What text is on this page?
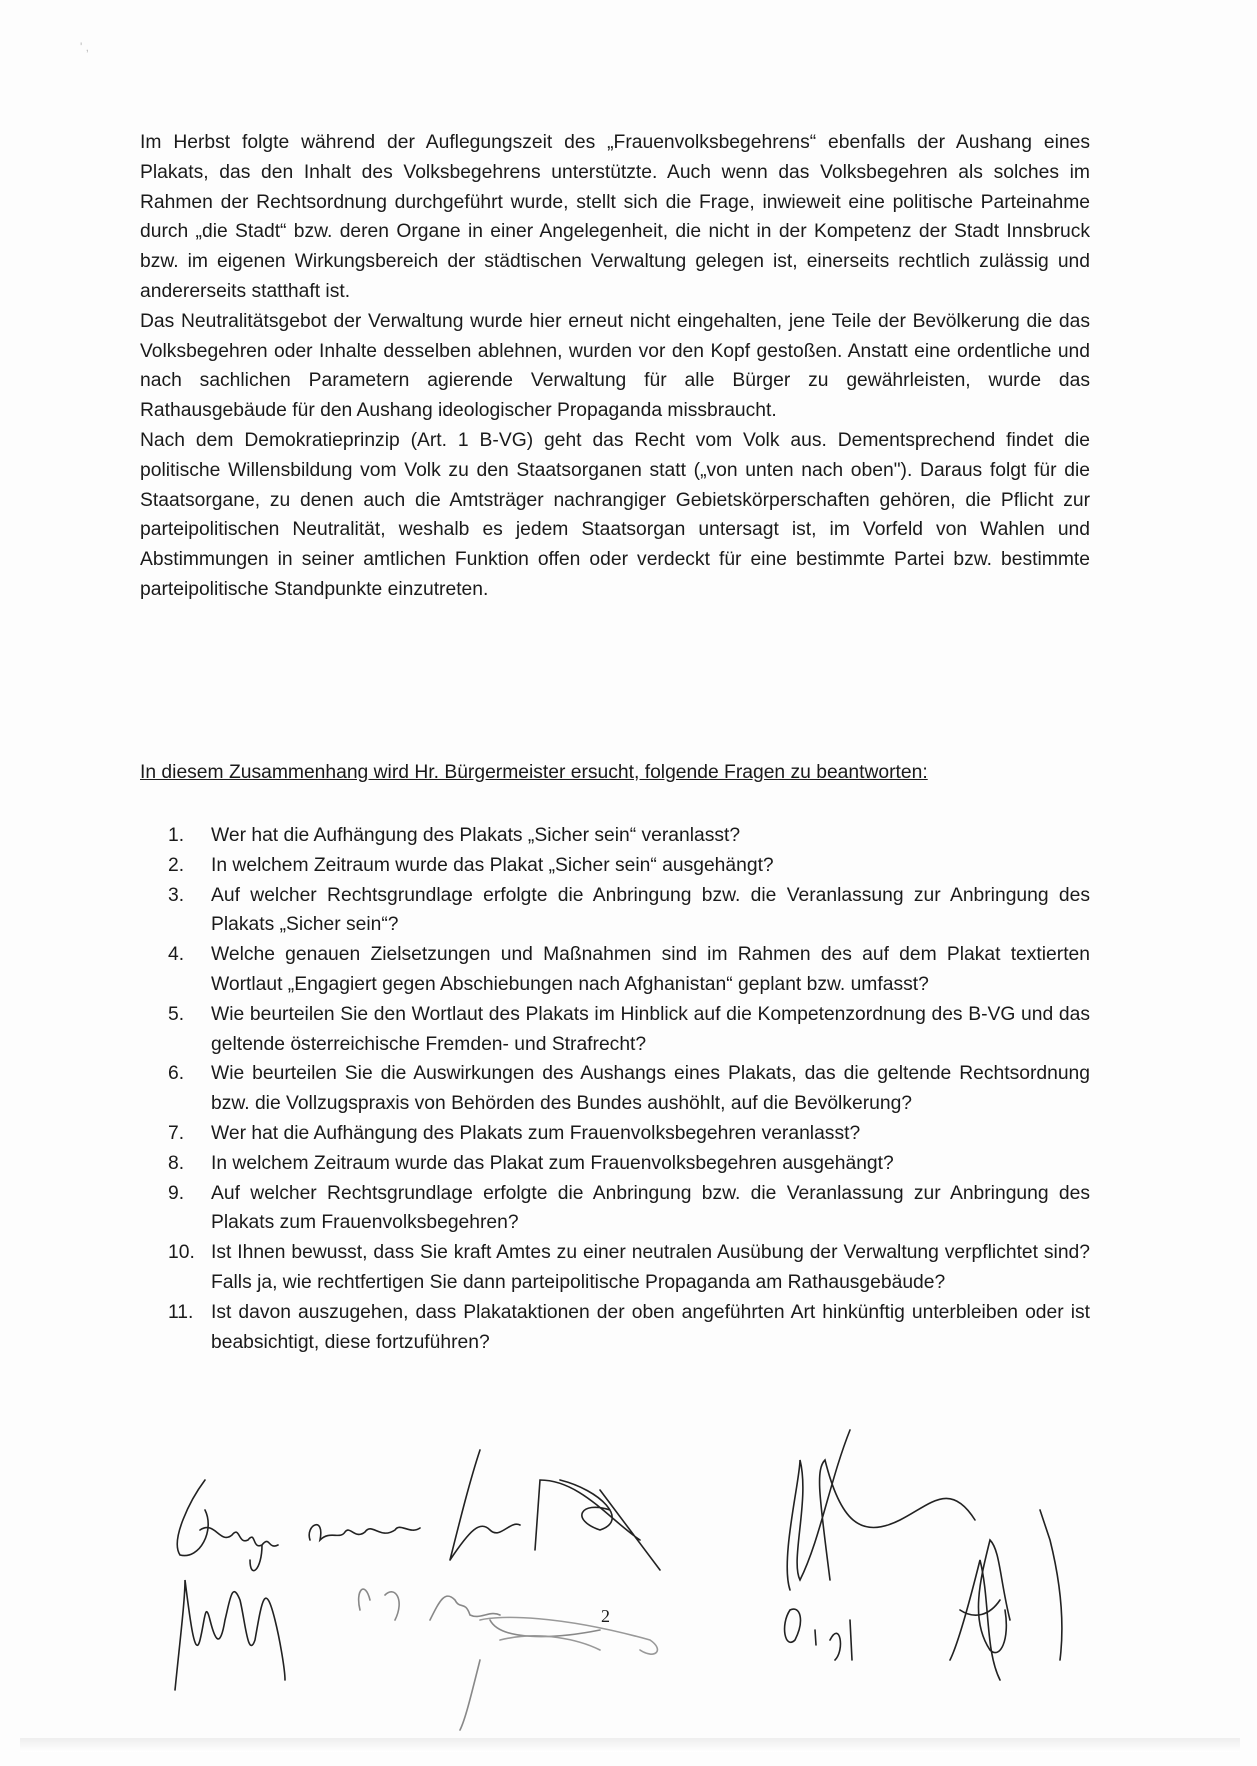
' ,

Im Herbst folgte während der Auflegungszeit des „Frauenvolksbegehrens“ ebenfalls der Aushang eines Plakats, das den Inhalt des Volksbegehrens unterstützte. Auch wenn das Volksbegehren als solches im Rahmen der Rechtsordnung durchgeführt wurde, stellt sich die Frage, inwieweit eine politische Parteinahme durch „die Stadt“ bzw. deren Organe in einer Angelegenheit, die nicht in der Kompetenz der Stadt Innsbruck bzw. im eigenen Wirkungsbereich der städtischen Verwaltung gelegen ist, einerseits rechtlich zulässig und andererseits statthaft ist.

Das Neutralitätsgebot der Verwaltung wurde hier erneut nicht eingehalten, jene Teile der Bevölkerung die das Volksbegehren oder Inhalte desselben ablehnen, wurden vor den Kopf gestoßen. Anstatt eine ordentliche und nach sachlichen Parametern agierende Verwaltung für alle Bürger zu gewährleisten, wurde das Rathausgebäude für den Aushang ideologischer Propaganda missbraucht.

Nach dem Demokratieprinzip (Art. 1 B-VG) geht das Recht vom Volk aus. Dementsprechend findet die politische Willensbildung vom Volk zu den Staatsorganen statt („von unten nach oben"). Daraus folgt für die Staatsorgane, zu denen auch die Amtsträger nachrangiger Gebietskörperschaften gehören, die Pflicht zur parteipolitischen Neutralität, weshalb es jedem Staatsorgan untersagt ist, im Vorfeld von Wahlen und Abstimmungen in seiner amtlichen Funktion offen oder verdeckt für eine bestimmte Partei bzw. bestimmte parteipolitische Standpunkte einzutreten.

In diesem Zusammenhang wird Hr. Bürgermeister ersucht, folgende Fragen zu beantworten:
1. Wer hat die Aufhängung des Plakats „Sicher sein“ veranlasst?
2. In welchem Zeitraum wurde das Plakat „Sicher sein“ ausgehängt?
3. Auf welcher Rechtsgrundlage erfolgte die Anbringung bzw. die Veranlassung zur Anbringung des Plakats „Sicher sein“?
4. Welche genauen Zielsetzungen und Maßnahmen sind im Rahmen des auf dem Plakat textierten Wortlaut „Engagiert gegen Abschiebungen nach Afghanistan“ geplant bzw. umfasst?
5. Wie beurteilen Sie den Wortlaut des Plakats im Hinblick auf die Kompetenzordnung des B-VG und das geltende österreichische Fremden- und Strafrecht?
6. Wie beurteilen Sie die Auswirkungen des Aushangs eines Plakats, das die geltende Rechtsordnung bzw. die Vollzugspraxis von Behörden des Bundes aushöhlt, auf die Bevölkerung?
7. Wer hat die Aufhängung des Plakats zum Frauenvolksbegehren veranlasst?
8. In welchem Zeitraum wurde das Plakat zum Frauenvolksbegehren ausgehängt?
9. Auf welcher Rechtsgrundlage erfolgte die Anbringung bzw. die Veranlassung zur Anbringung des Plakats zum Frauenvolksbegehren?
10. Ist Ihnen bewusst, dass Sie kraft Amtes zu einer neutralen Ausübung der Verwaltung verpflichtet sind? Falls ja, wie rechtfertigen Sie dann parteipolitische Propaganda am Rathausgebäude?
11. Ist davon auszugehen, dass Plakataktionen der oben angeführten Art hinkünftig unterbleiben oder ist beabsichtigt, diese fortzuführen?
2
